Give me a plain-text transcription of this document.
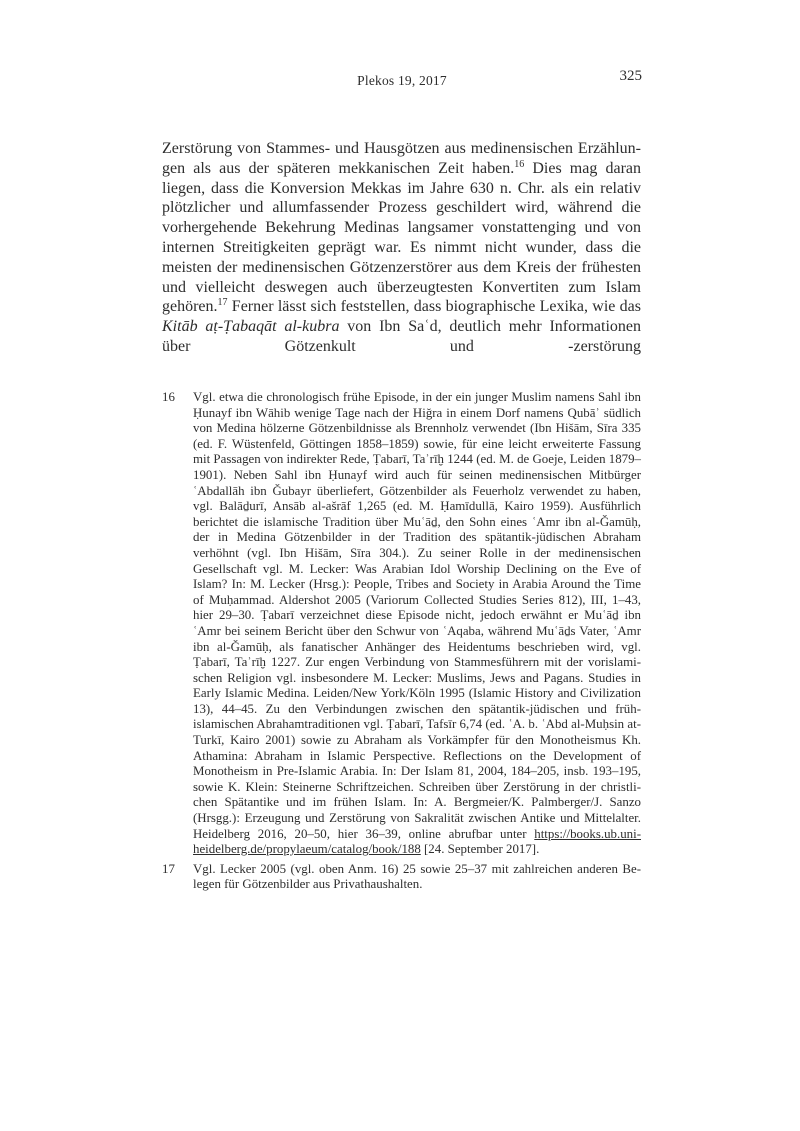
Plekos 19, 2017	325

Zerstörung von Stammes- und Hausgötzen aus medinensischen Erzählungen als aus der späteren mekkanischen Zeit haben.$^{16}$ Dies mag daran liegen, dass die Konversion Mekkas im Jahre 630 n. Chr. als ein relativ plötzlicher und allumfassender Prozess geschildert wird, während die vorhergehende Bekehrung Medinas langsamer vonstattenging und von internen Streitigkeiten geprägt war. Es nimmt nicht wunder, dass die meisten der medinensischen Götzenzerstörer aus dem Kreis der frühesten und vielleicht deswegen auch überzeugtesten Konvertiten zum Islam gehören.$^{17}$ Ferner lässt sich feststellen, dass biographische Lexika, wie das Kitāb aṭ-Ṭabaqāt al-kubra von Ibn Saʿd, deutlich mehr Informationen über Götzenkult und -zerstörung

16	Vgl. etwa die chronologisch frühe Episode, in der ein junger Muslim namens Sahl ibn Ḥunayf ibn Wāhib wenige Tage nach der Hiğra in einem Dorf namens Qubāʾ südlich von Medina hölzerne Götzenbildnisse als Brennholz verwendet (Ibn Hišām, Sīra 335 (ed. F. Wüstenfeld, Göttingen 1858–1859) sowie, für eine leicht erweiterte Fassung mit Passagen von indirekter Rede, Ṭabarī, Taʾrīḫ 1244 (ed. M. de Goeje, Leiden 1879–1901). Neben Sahl ibn Ḥunayf wird auch für seinen medinensischen Mitbürger ʿAbdallāh ibn Ǧubayr überliefert, Götzenbilder als Feuerholz verwendet zu haben, vgl. Balāḏurī, Ansāb al-ašrāf 1,265 (ed. M. Ḥamīdullā, Kairo 1959). Ausführlich berichtet die islamische Tradition über Muʿāḏ, den Sohn eines ʿAmr ibn al-Ǧamūḥ, der in Medina Götzenbilder in der Tradition des spätantik-jüdischen Abraham verhöhnt (vgl. Ibn Hišām, Sīra 304.). Zu seiner Rolle in der medinensischen Gesellschaft vgl. M. Lecker: Was Arabian Idol Worship Declining on the Eve of Islam? In: M. Lecker (Hrsg.): People, Tribes and Society in Arabia Around the Time of Muḥammad. Aldershot 2005 (Variorum Collected Studies Series 812), III, 1–43, hier 29–30. Ṭabarī verzeichnet diese Episode nicht, jedoch erwähnt er Muʿāḏ ibn ʿAmr bei seinem Bericht über den Schwur von ʿAqaba, während Muʿāḏs Vater, ʿAmr ibn al-Ǧamūḥ, als fanatischer Anhänger des Heidentums beschrieben wird, vgl. Ṭabarī, Taʾrīḫ 1227. Zur engen Verbindung von Stammesführern mit der vorislamischen Religion vgl. insbesondere M. Lecker: Muslims, Jews and Pagans. Studies in Early Islamic Medina. Leiden/New York/Köln 1995 (Islamic History and Civilization 13), 44–45. Zu den Verbindungen zwischen den spätantik-jüdischen und frühislamischen Abrahamtraditionen vgl. Ṭabarī, Tafsīr 6,74 (ed. ʿA. b. ʿAbd al-Muḥsin at-Turkī, Kairo 2001) sowie zu Abraham als Vorkämpfer für den Monotheismus Kh. Athamina: Abraham in Islamic Perspective. Reflections on the Development of Monotheism in Pre-Islamic Arabia. In: Der Islam 81, 2004, 184–205, insb. 193–195, sowie K. Klein: Steinerne Schriftzeichen. Schreiben über Zerstörung in der christlichen Spätantike und im frühen Islam. In: A. Bergmeier/K. Palmberger/J. Sanzo (Hrsgg.): Erzeugung und Zerstörung von Sakralität zwischen Antike und Mittelalter. Heidelberg 2016, 20–50, hier 36–39, online abrufbar unter https://books.ub.uni-heidelberg.de/propylaeum/catalog/book/188 [24. September 2017].
17	Vgl. Lecker 2005 (vgl. oben Anm. 16) 25 sowie 25–37 mit zahlreichen anderen Belegen für Götzenbilder aus Privathaushalten.
